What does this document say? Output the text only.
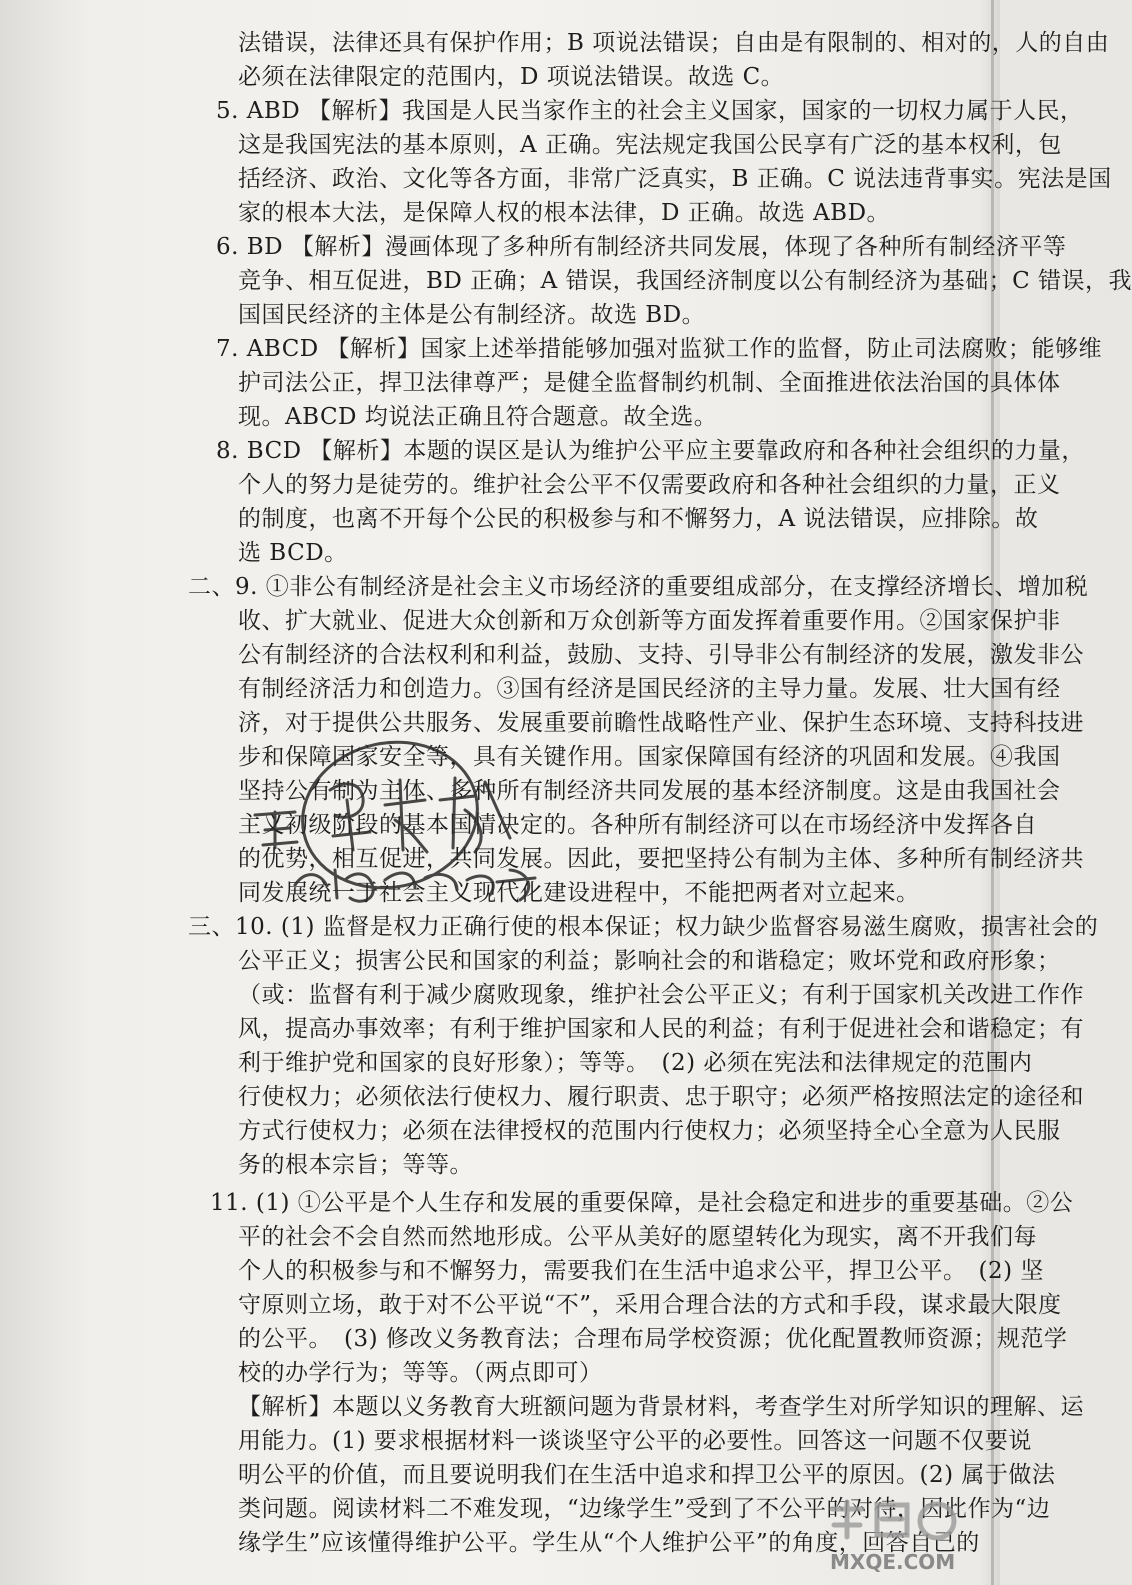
法错误，法律还具有保护作用；B 项说法错误；自由是有限制的、相对的，人的自由
必须在法律限定的范围内，D 项说法错误。故选 C。
5. ABD 【解析】我国是人民当家作主的社会主义国家，国家的一切权力属于人民，
这是我国宪法的基本原则，A 正确。宪法规定我国公民享有广泛的基本权利，包
括经济、政治、文化等各方面，非常广泛真实，B 正确。C 说法违背事实。宪法是国
家的根本大法，是保障人权的根本法律，D 正确。故选 ABD。
6. BD 【解析】漫画体现了多种所有制经济共同发展，体现了各种所有制经济平等
竞争、相互促进，BD 正确；A 错误，我国经济制度以公有制经济为基础；C 错误，我
国国民经济的主体是公有制经济。故选 BD。
7. ABCD 【解析】国家上述举措能够加强对监狱工作的监督，防止司法腐败；能够维
护司法公正，捍卫法律尊严；是健全监督制约机制、全面推进依法治国的具体体
现。ABCD 均说法正确且符合题意。故全选。
8. BCD 【解析】本题的误区是认为维护公平应主要靠政府和各种社会组织的力量，
个人的努力是徒劳的。维护社会公平不仅需要政府和各种社会组织的力量，正义
的制度，也离不开每个公民的积极参与和不懈努力，A 说法错误，应排除。故
选 BCD。
二、9. ①非公有制经济是社会主义市场经济的重要组成部分，在支撑经济增长、增加税
收、扩大就业、促进大众创新和万众创新等方面发挥着重要作用。②国家保护非
公有制经济的合法权利和利益，鼓励、支持、引导非公有制经济的发展，激发非公
有制经济活力和创造力。③国有经济是国民经济的主导力量。发展、壮大国有经
济，对于提供公共服务、发展重要前瞻性战略性产业、保护生态环境、支持科技进
步和保障国家安全等，具有关键作用。国家保障国有经济的巩固和发展。④我国
坚持公有制为主体、多种所有制经济共同发展的基本经济制度。这是由我国社会
主义初级阶段的基本国情决定的。各种所有制经济可以在市场经济中发挥各自
的优势，相互促进，共同发展。因此，要把坚持公有制为主体、多种所有制经济共
同发展统一于社会主义现代化建设进程中，不能把两者对立起来。
三、10. (1) 监督是权力正确行使的根本保证；权力缺少监督容易滋生腐败，损害社会的
公平正义；损害公民和国家的利益；影响社会的和谐稳定；败坏党和政府形象；
（或：监督有利于减少腐败现象，维护社会公平正义；有利于国家机关改进工作作
风，提高办事效率；有利于维护国家和人民的利益；有利于促进社会和谐稳定；有
利于维护党和国家的良好形象）；等等。　(2) 必须在宪法和法律规定的范围内
行使权力；必须依法行使权力、履行职责、忠于职守；必须严格按照法定的途径和
方式行使权力；必须在法律授权的范围内行使权力；必须坚持全心全意为人民服
务的根本宗旨；等等。
11. (1) ①公平是个人生存和发展的重要保障，是社会稳定和进步的重要基础。②公
平的社会不会自然而然地形成。公平从美好的愿望转化为现实，离不开我们每
个人的积极参与和不懈努力，需要我们在生活中追求公平，捍卫公平。　(2) 坚
守原则立场，敢于对不公平说“不”，采用合理合法的方式和手段，谋求最大限度
的公平。　(3) 修改义务教育法；合理布局学校资源；优化配置教师资源；规范学
校的办学行为；等等。（两点即可）
【解析】本题以义务教育大班额问题为背景材料，考查学生对所学知识的理解、运
用能力。(1) 要求根据材料一谈谈坚守公平的必要性。回答这一问题不仅要说
明公平的价值，而且要说明我们在生活中追求和捍卫公平的原因。(2) 属于做法
类问题。阅读材料二不难发现，“边缘学生”受到了不公平的对待，因此作为“边
缘学生”应该懂得维护公平。学生从“个人维护公平”的角度，回答自己的
MXQE.COM
